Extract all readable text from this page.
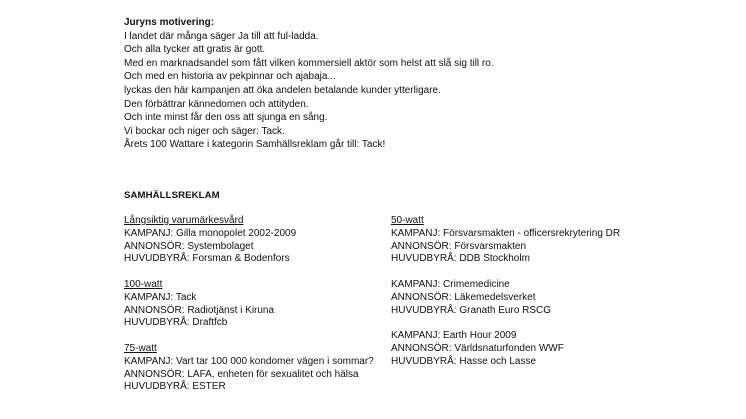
Juryns motivering:
I landet där många säger Ja till att ful-ladda.
Och alla tycker att gratis är gott.
Med en marknadsandel som fått vilken kommersiell aktör som helst att slå sig till ro.
Och med en historia av pekpinnar och ajabaja...
lyckas den här kampanjen att öka andelen betalande kunder ytterligare.
Den förbättrar kännedomen och attityden.
Och inte minst får den oss att sjunga en sång.
Vi bockar och niger och säger: Tack.
Årets 100 Wattare i kategorin Samhällsreklam går till: Tack!
SAMHÄLLSREKLAM
Långsiktig varumärkesvård
KAMPANJ: Gilla monopolet 2002-2009
ANNONSÖR: Systembolaget
HUVUDBYRÅ: Forsman & Bodenfors
100-watt
KAMPANJ: Tack
ANNONSÖR: Radiotjänst i Kiruna
HUVUDBYRÅ: Draftfcb
75-watt
KAMPANJ: Vart tar 100 000 kondomer vägen i sommar?
ANNONSÖR: LAFA, enheten för sexualitet och hälsa
HUVUDBYRÅ: ESTER
50-watt
KAMPANJ: Försvarsmakten - officersrekrytering DR
ANNONSÖR: Försvarsmakten
HUVUDBYRÅ: DDB Stockholm
KAMPANJ: Crimemedicine
ANNONSÖR: Läkemedelsverket
HUVUDBYRÅ: Granath Euro RSCG
KAMPANJ: Earth Hour 2009
ANNONSÖR: Världsnaturfonden WWF
HUVUDBYRÅ: Hasse och Lasse
